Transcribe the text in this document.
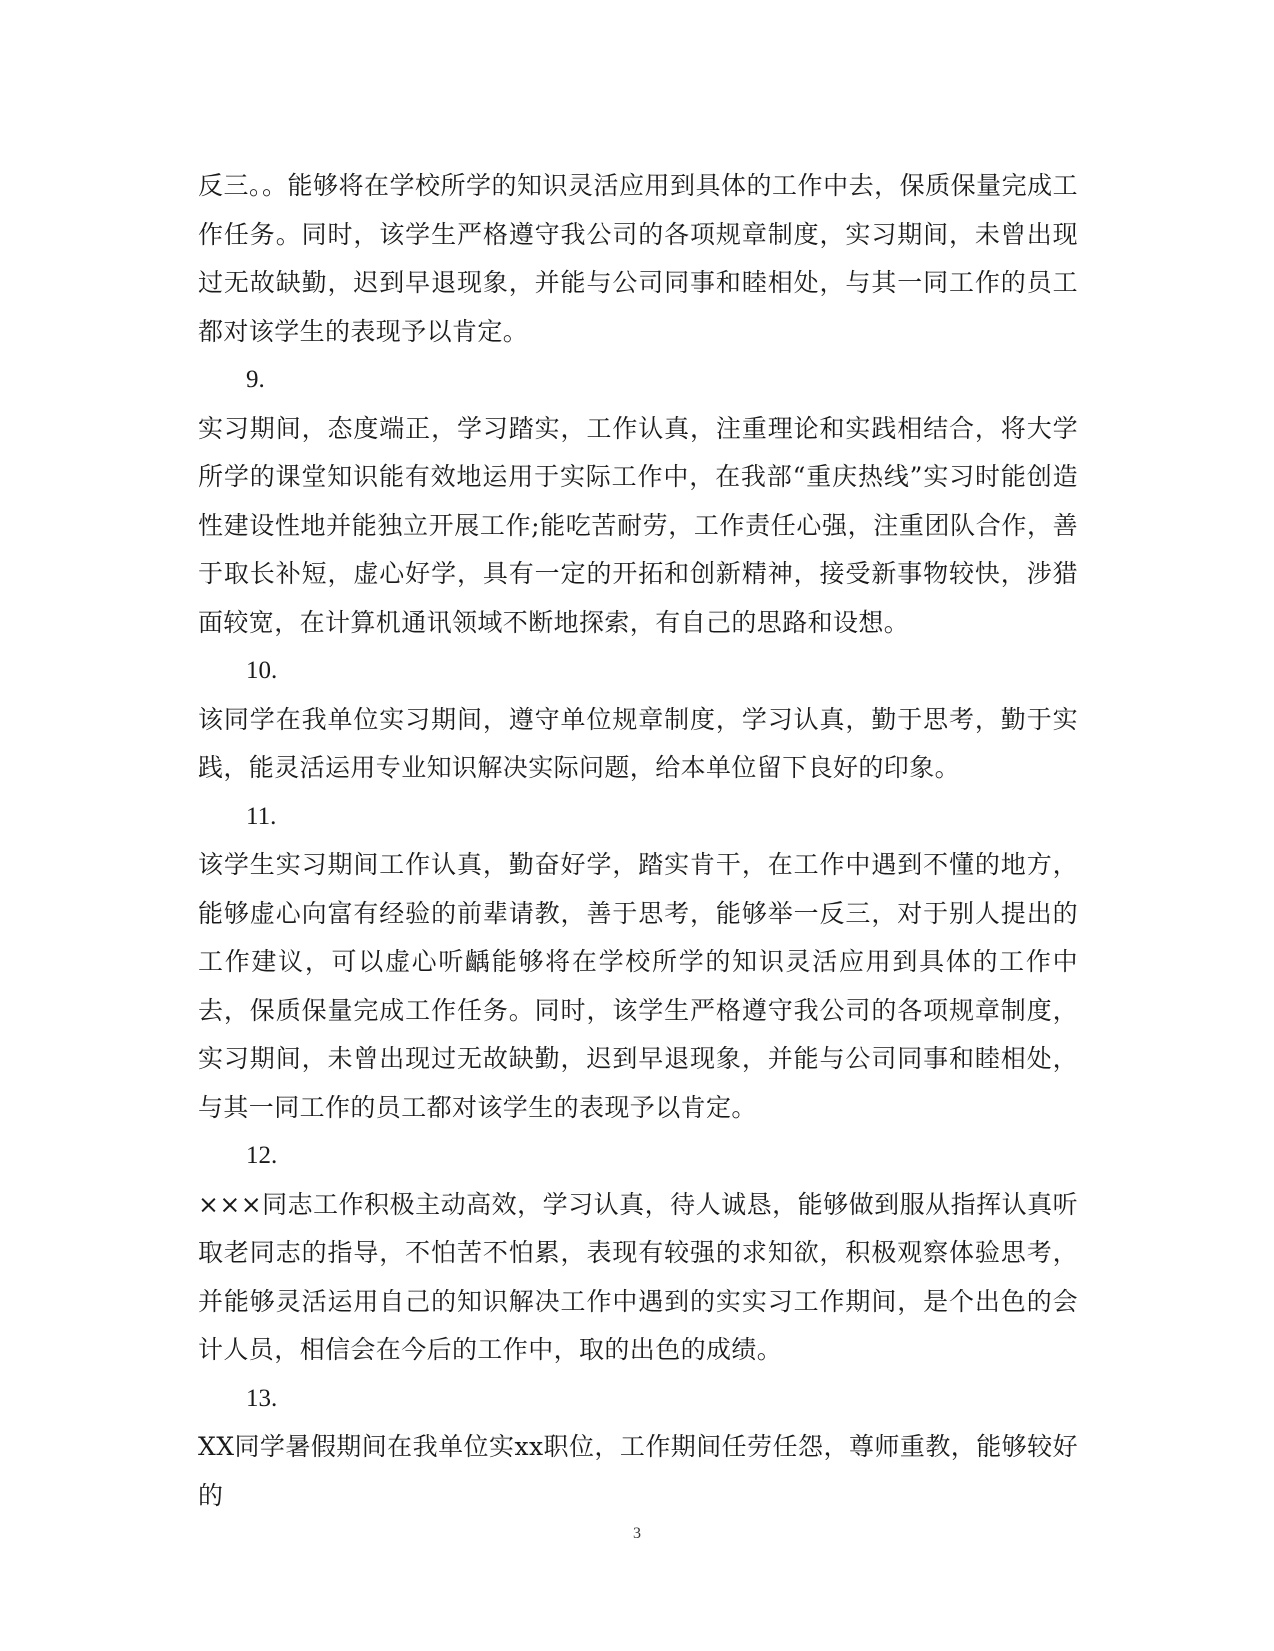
反三。。能够将在学校所学的知识灵活应用到具体的工作中去，保质保量完成工作任务。同时，该学生严格遵守我公司的各项规章制度，实习期间，未曾出现过无故缺勤，迟到早退现象，并能与公司同事和睦相处，与其一同工作的员工都对该学生的表现予以肯定。

9.

实习期间，态度端正，学习踏实，工作认真，注重理论和实践相结合，将大学所学的课堂知识能有效地运用于实际工作中，在我部“重庆热线”实习时能创造性建设性地并能独立开展工作;能吃苦耐劳，工作责任心强，注重团队合作，善于取长补短，虚心好学，具有一定的开拓和创新精神，接受新事物较快，涉猎面较宽，在计算机通讯领域不断地探索，有自己的思路和设想。

10.

该同学在我单位实习期间，遵守单位规章制度，学习认真，勤于思考，勤于实践，能灵活运用专业知识解决实际问题，给本单位留下良好的印象。

11.

该学生实习期间工作认真，勤奋好学，踏实肯干，在工作中遇到不懂的地方，能够虚心向富有经验的前辈请教，善于思考，能够举一反三，对于别人提出的工作建议，可以虚心听齲能够将在学校所学的知识灵活应用到具体的工作中去，保质保量完成工作任务。同时，该学生严格遵守我公司的各项规章制度，实习期间，未曾出现过无故缺勤，迟到早退现象，并能与公司同事和睦相处，与其一同工作的员工都对该学生的表现予以肯定。

12.

×××同志工作积极主动高效，学习认真，待人诚恳，能够做到服从指挥认真听取老同志的指导，不怕苦不怕累，表现有较强的求知欲，积极观察体验思考，并能够灵活运用自己的知识解决工作中遇到的实实习工作期间，是个出色的会计人员，相信会在今后的工作中，取的出色的成绩。

13.

XX同学暑假期间在我单位实xx职位，工作期间任劳任怨，尊师重教，能够较好的

3
